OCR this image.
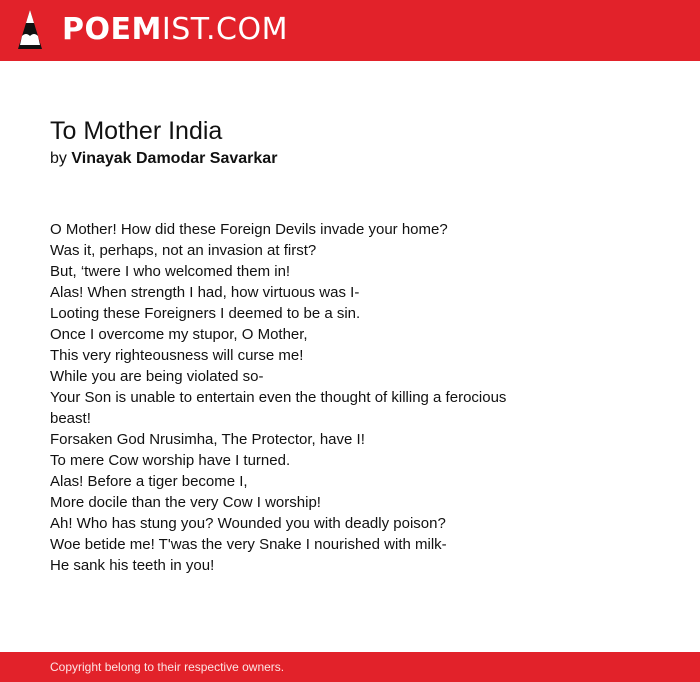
POEMIST.COM
To Mother India
by Vinayak Damodar Savarkar
O Mother! How did these Foreign Devils invade your home?
Was it, perhaps, not an invasion at first?
But, ‘twere I who welcomed them in!
Alas! When strength I had, how virtuous was I-
Looting these Foreigners I deemed to be a sin.
Once I overcome my stupor, O Mother,
This very righteousness will curse me!
While you are being violated so-
Your Son is unable to entertain even the thought of killing a ferocious beast!
Forsaken God Nrusimha, The Protector, have I!
To mere Cow worship have I turned.
Alas! Before a tiger become I,
More docile than the very Cow I worship!
Ah! Who has stung you? Wounded you with deadly poison?
Woe betide me! T'was the very Snake I nourished with milk-
He sank his teeth in you!
Copyright belong to their respective owners.
